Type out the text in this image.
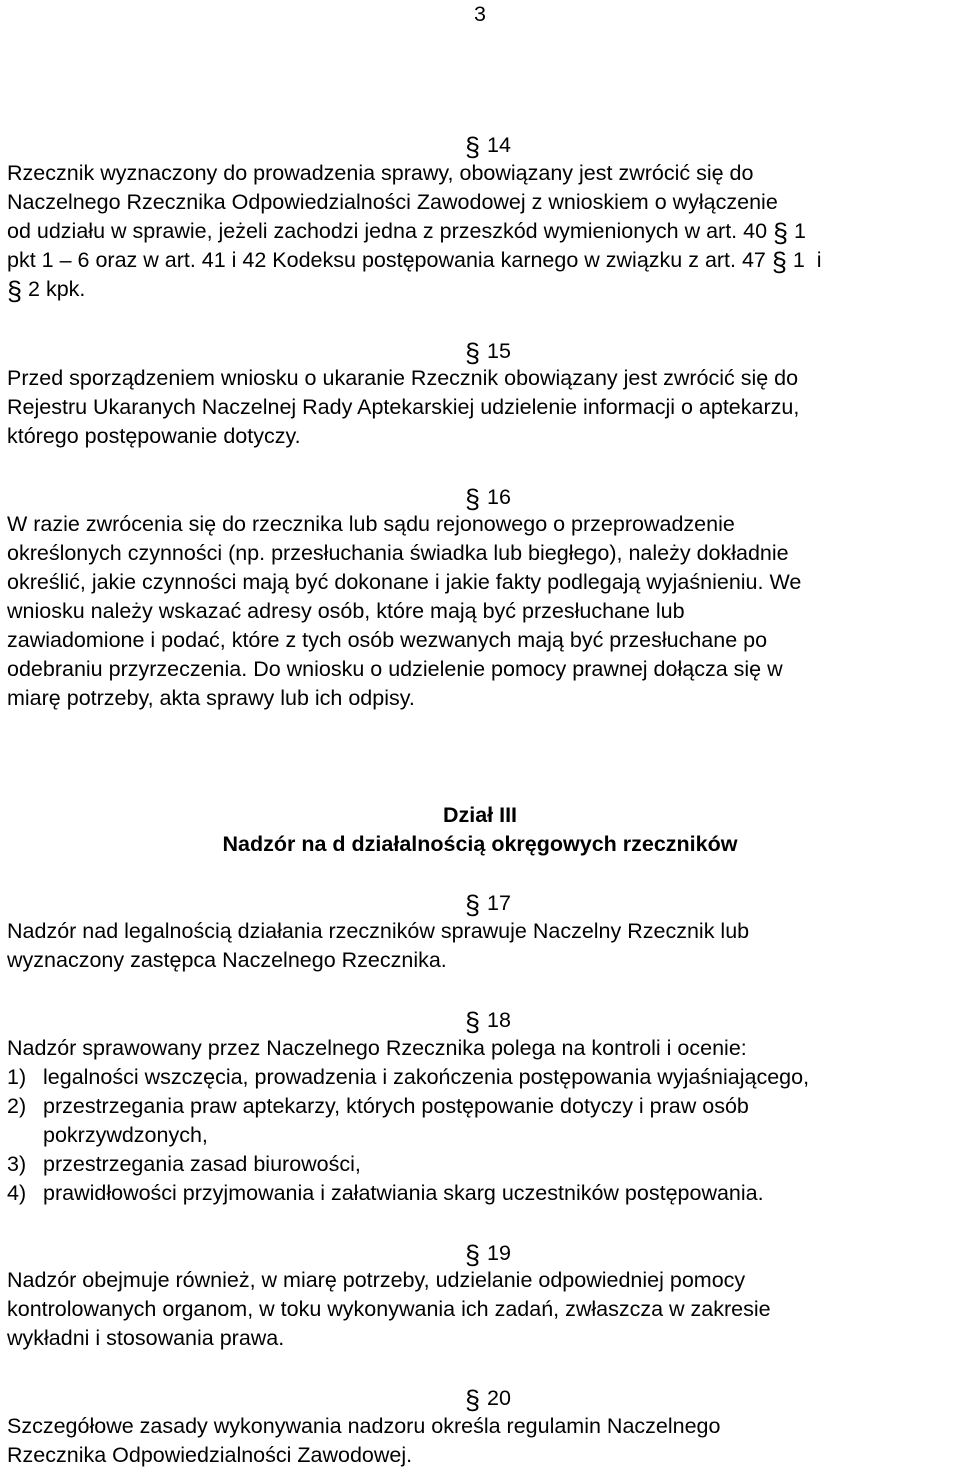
3
§ 14
Rzecznik wyznaczony do prowadzenia sprawy, obowiązany jest zwrócić się do
Naczelnego Rzecznika Odpowiedzialności Zawodowej z wnioskiem o wyłączenie
od udziału w sprawie, jeżeli zachodzi jedna z przeszkód wymienionych w art. 40 § 1
pkt 1 – 6 oraz w art. 41 i 42 Kodeksu postępowania karnego w związku z art. 47 § 1  i
§ 2 kpk.
§ 15
Przed sporządzeniem wniosku o ukaranie Rzecznik obowiązany jest zwrócić się do
Rejestru Ukaranych Naczelnej Rady Aptekarskiej udzielenie informacji o aptekarzu,
którego postępowanie dotyczy.
§ 16
W razie zwrócenia się do rzecznika lub sądu rejonowego o przeprowadzenie
określonych czynności (np. przesłuchania świadka lub biegłego), należy dokładnie
określić, jakie czynności mają być dokonane i jakie fakty podlegają wyjaśnieniu. We
wniosku należy wskazać adresy osób, które mają być przesłuchane lub
zawiadomione i podać, które z tych osób wezwanych mają być przesłuchane po
odebraniu przyrzeczenia. Do wniosku o udzielenie pomocy prawnej dołącza się w
miarę potrzeby, akta sprawy lub ich odpisy.
Dział III
Nadzór na d działalnością okręgowych rzeczników
§ 17
Nadzór nad legalnością działania rzeczników sprawuje Naczelny Rzecznik lub
wyznaczony zastępca Naczelnego Rzecznika.
§ 18
Nadzór sprawowany przez Naczelnego Rzecznika polega na kontroli i ocenie:
1) legalności wszczęcia, prowadzenia i zakończenia postępowania wyjaśniającego,
2) przestrzegania praw aptekarzy, których postępowanie dotyczy i praw osób
pokrzywdzonych,
3) przestrzegania zasad biurowości,
4) prawidłowości przyjmowania i załatwiania skarg uczestników postępowania.
§ 19
Nadzór obejmuje również, w miarę potrzeby, udzielanie odpowiedniej pomocy
kontrolowanych organom, w toku wykonywania ich zadań, zwłaszcza w zakresie
wykładni i stosowania prawa.
§ 20
Szczegółowe zasady wykonywania nadzoru określa regulamin Naczelnego
Rzecznika Odpowiedzialności Zawodowej.
